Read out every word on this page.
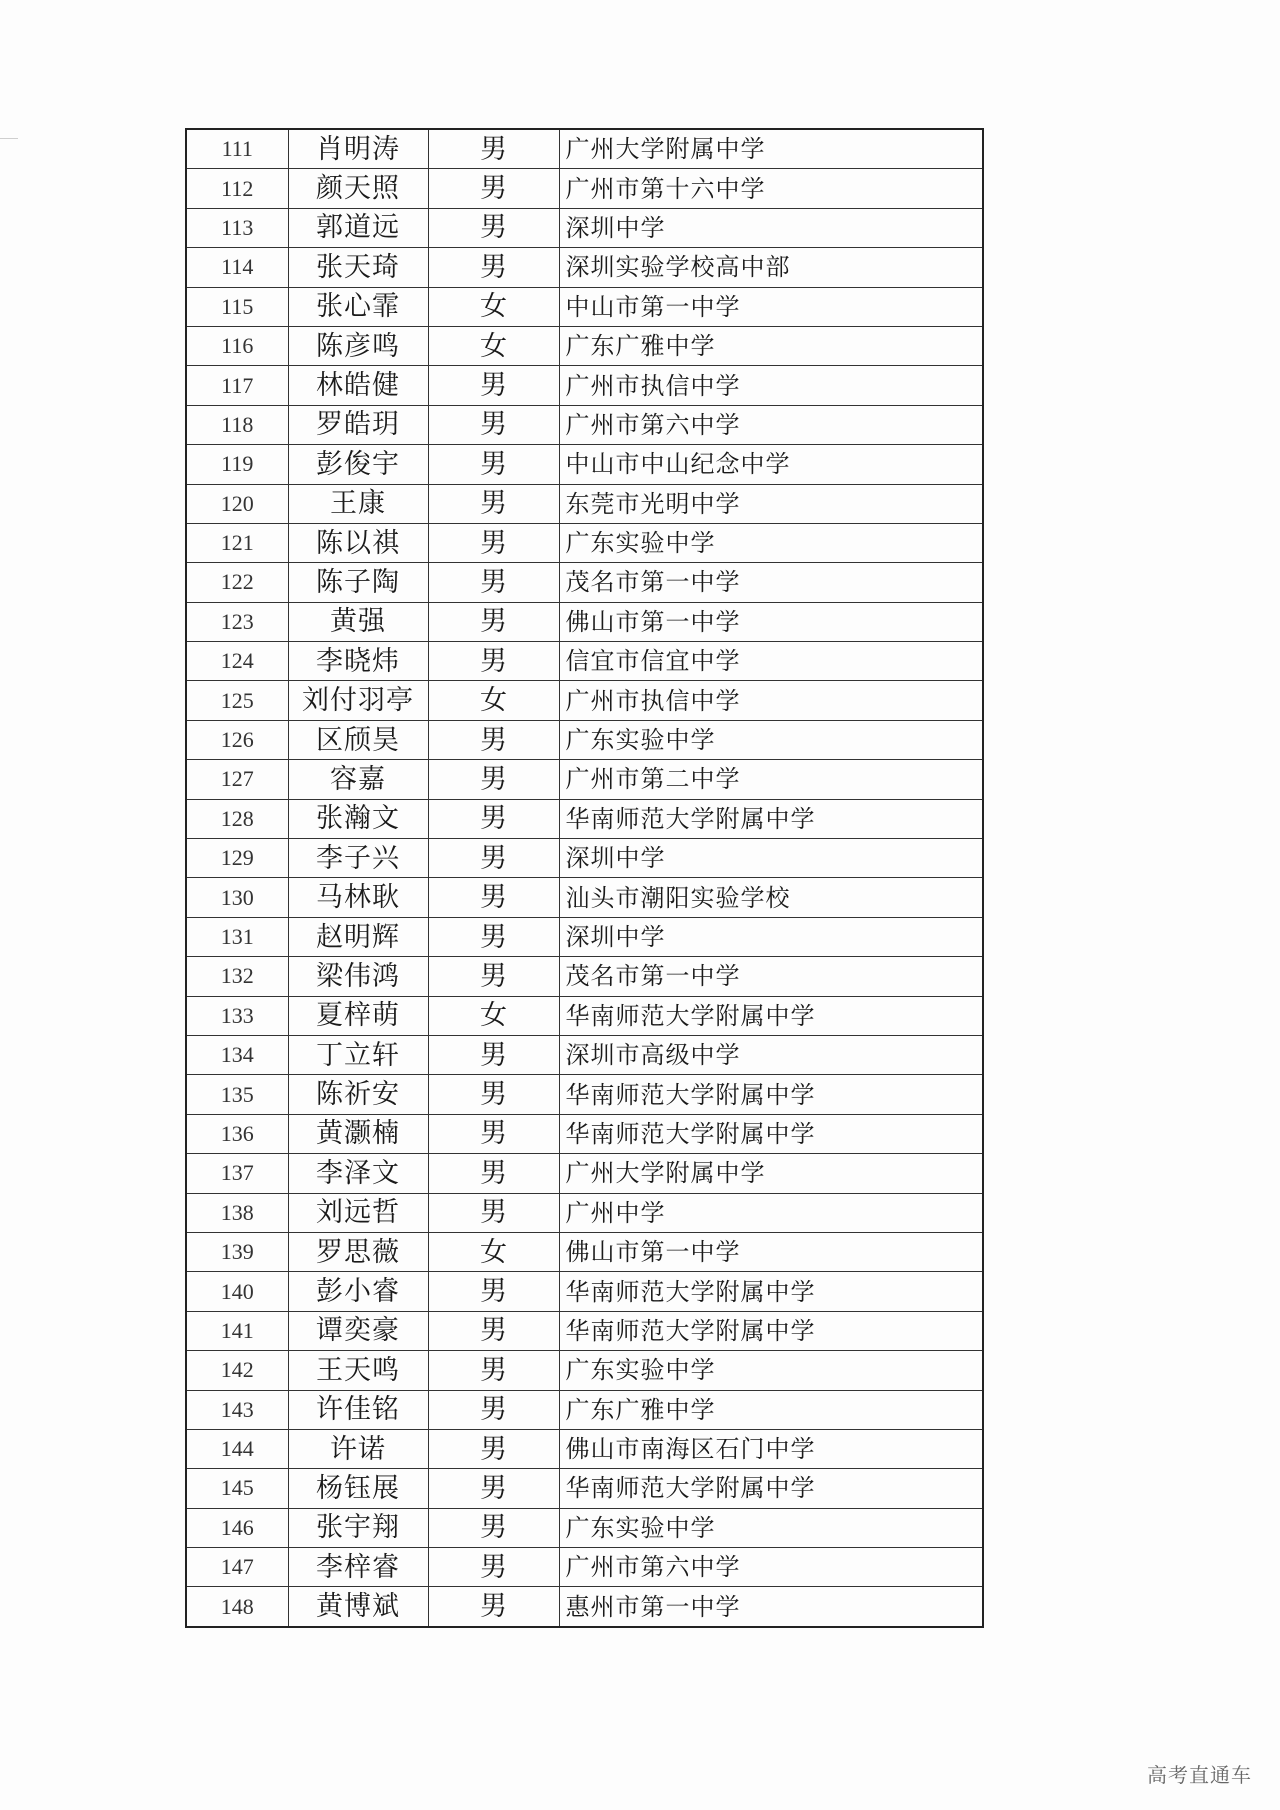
111	肖明涛	男	广州大学附属中学
112	颜天照	男	广州市第十六中学
113	郭道远	男	深圳中学
114	张天琦	男	深圳实验学校高中部
115	张心霏	女	中山市第一中学
116	陈彦鸣	女	广东广雅中学
117	林皓健	男	广州市执信中学
118	罗皓玥	男	广州市第六中学
119	彭俊宇	男	中山市中山纪念中学
120	王康	男	东莞市光明中学
121	陈以祺	男	广东实验中学
122	陈子陶	男	茂名市第一中学
123	黄强	男	佛山市第一中学
124	李晓炜	男	信宜市信宜中学
125	刘付羽亭	女	广州市执信中学
126	区颀昊	男	广东实验中学
127	容嘉	男	广州市第二中学
128	张瀚文	男	华南师范大学附属中学
129	李子兴	男	深圳中学
130	马林耿	男	汕头市潮阳实验学校
131	赵明辉	男	深圳中学
132	梁伟鸿	男	茂名市第一中学
133	夏梓萌	女	华南师范大学附属中学
134	丁立轩	男	深圳市高级中学
135	陈祈安	男	华南师范大学附属中学
136	黄灏楠	男	华南师范大学附属中学
137	李泽文	男	广州大学附属中学
138	刘远哲	男	广州中学
139	罗思薇	女	佛山市第一中学
140	彭小睿	男	华南师范大学附属中学
141	谭奕豪	男	华南师范大学附属中学
142	王天鸣	男	广东实验中学
143	许佳铭	男	广东广雅中学
144	许诺	男	佛山市南海区石门中学
145	杨钰展	男	华南师范大学附属中学
146	张宇翔	男	广东实验中学
147	李梓睿	男	广州市第六中学
148	黄博斌	男	惠州市第一中学
高考直通车
